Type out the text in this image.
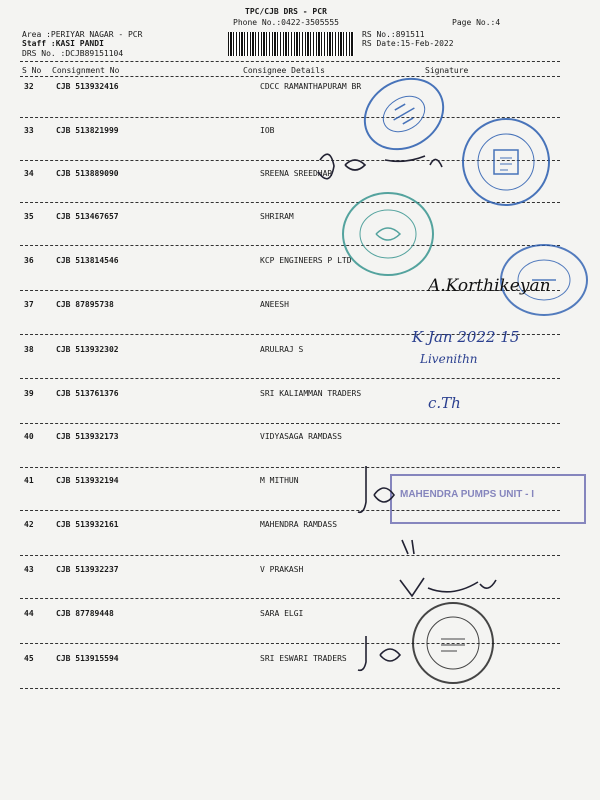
TPC/CJB DRS - PCR
Phone No.:0422-3505555	Page No.:4
Area :PERIYAR NAGAR - PCR
Staff :KASI PANDI
DRS No. :DCJB89151104
RS No.:891511
RS Date:15-Feb-2022
S No Consignment No	Consignee Details	Signature
32	CJB 513932416	CDCC RAMANTHAPURAM BR
33	CJB 513821999	IOB
34	CJB 513889090	SREENA SREEDHAR
35	CJB 513467657	SHRIRAM
36	CJB 513814546	KCP ENGINEERS P LTD
37	CJB 87895738	ANEESH
38	CJB 513932302	ARULRAJ S
39	CJB 513761376	SRI KALIAMMAN TRADERS
40	CJB 513932173	VIDYASAGA RAMDASS
41	CJB 513932194	M MITHUN
42	CJB 513932161	MAHENDRA RAMDASS
43	CJB 513932237	V PRAKASH
44	CJB 87789448	SARA ELGI
45	CJB 513915594	SRI ESWARI TRADERS
MAHENDRA PUMPS UNIT - I
A.Korthikeyan
K Jan 2022 15
Livenithn
c.Th
